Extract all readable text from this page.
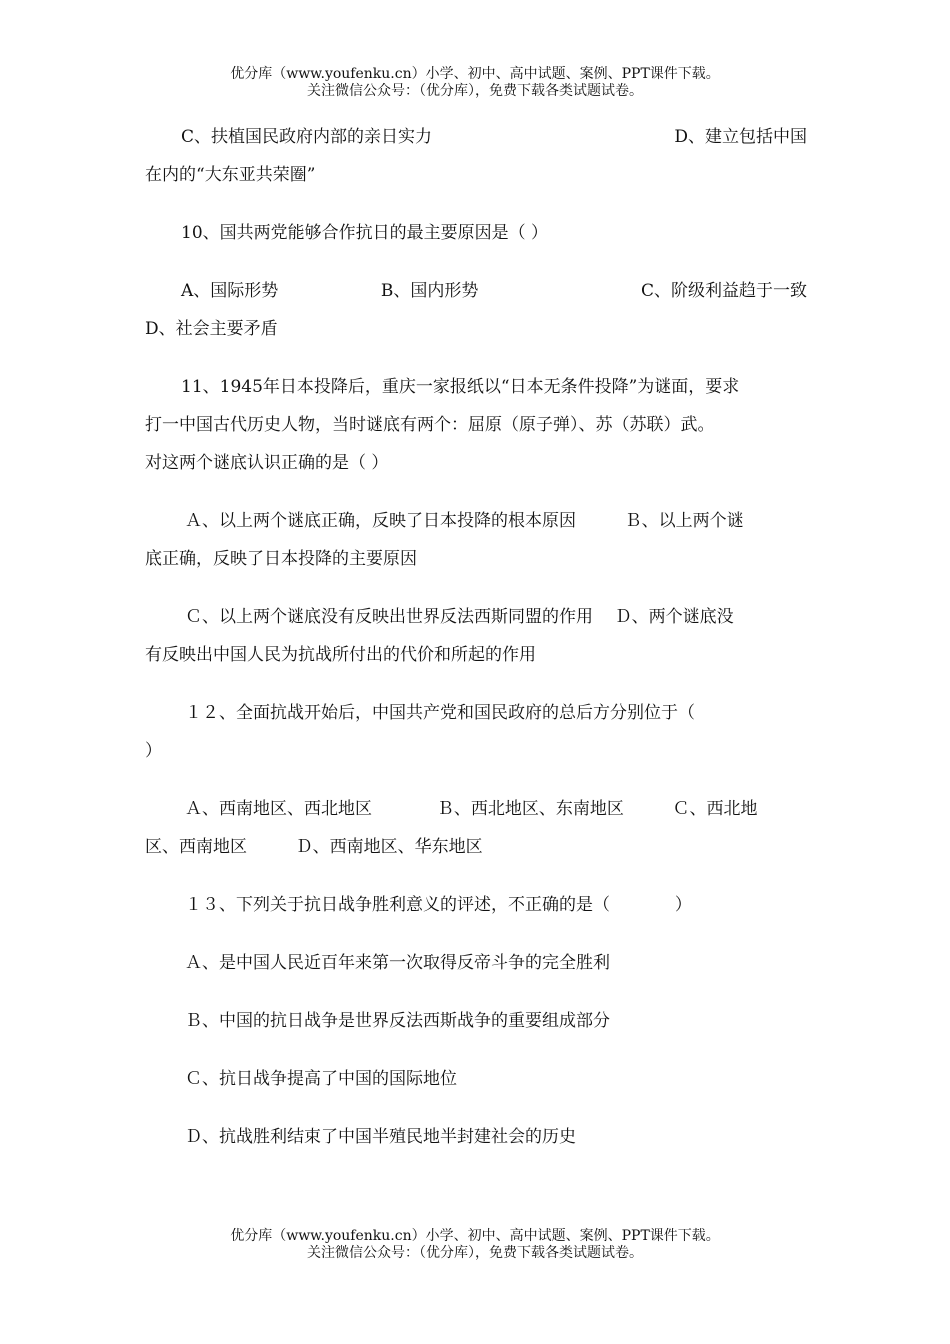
优分库（www.youfenku.cn）小学、初中、高中试题、案例、PPT课件下载。
关注微信公众号：（优分库），免费下载各类试题试卷。
C、扶植国民政府内部的亲日实力	D、建立包括中国
在内的“大东亚共荣圈”
10、国共两党能够合作抗日的最主要原因是（ ）
A、国际形势	B、国内形势	C、阶级利益趋于一致
D、社会主要矛盾
11、1945年日本投降后，重庆一家报纸以“日本无条件投降”为谜面，要求
打一中国古代历史人物，当时谜底有两个：屈原（原子弹）、苏（苏联）武。
对这两个谜底认识正确的是（ ）
Ａ、以上两个谜底正确，反映了日本投降的根本原因         Ｂ、以上两个谜
底正确，反映了日本投降的主要原因
Ｃ、以上两个谜底没有反映出世界反法西斯同盟的作用    Ｄ、两个谜底没
有反映出中国人民为抗战所付出的代价和所起的作用
１２、全面抗战开始后，中国共产党和国民政府的总后方分别位于（
）
Ａ、西南地区、西北地区            Ｂ、西北地区、东南地区         Ｃ、西北地
区、西南地区         Ｄ、西南地区、华东地区
１３、下列关于抗日战争胜利意义的评述，不正确的是（            ）
Ａ、是中国人民近百年来第一次取得反帝斗争的完全胜利
Ｂ、中国的抗日战争是世界反法西斯战争的重要组成部分
Ｃ、抗日战争提高了中国的国际地位
Ｄ、抗战胜利结束了中国半殖民地半封建社会的历史
优分库（www.youfenku.cn）小学、初中、高中试题、案例、PPT课件下载。
关注微信公众号：（优分库），免费下载各类试题试卷。
